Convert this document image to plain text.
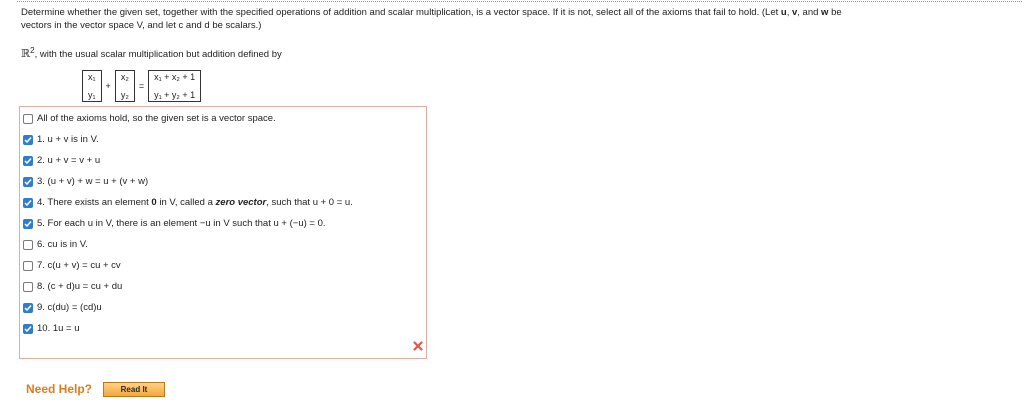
Determine whether the given set, together with the specified operations of addition and scalar multiplication, is a vector space. If it is not, select all of the axioms that fail to hold. (Let u, v, and w be
vectors in the vector space V, and let c and d be scalars.)
ℝ$^2$, with the usual scalar multiplication but addition defined by
x₁
y₁
+
x₂
y₂
=
x₁ + x₂ + 1
y₁ + y₂ + 1
All of the axioms hold, so the given set is a vector space.
1. u + v is in V.
2. u + v = v + u
3. (u + v) + w = u + (v + w)
4. There exists an element 0 in V, called a zero vector, such that u + 0 = u.
5. For each u in V, there is an element −u in V such that u + (−u) = 0.
6. cu is in V.
7. c(u + v) = cu + cv
8. (c + d)u = cu + du
9. c(du) = (cd)u
10. 1u = u
Need Help?	Read It
